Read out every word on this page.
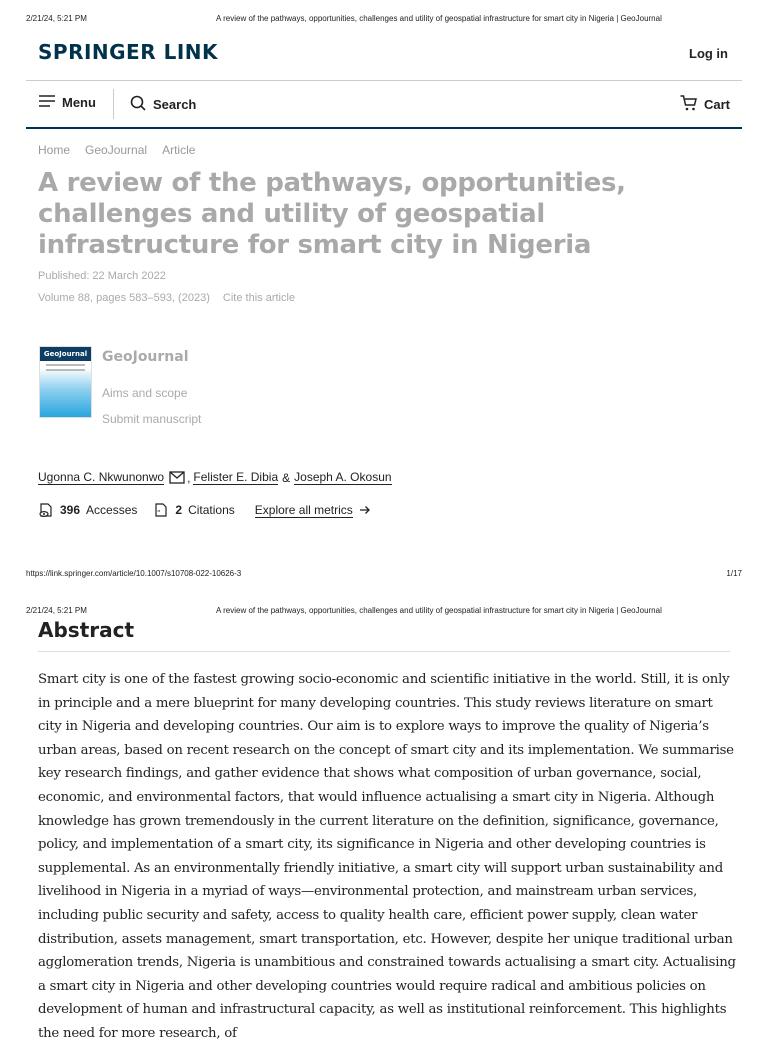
2/21/24, 5:21 PM	A review of the pathways, opportunities, challenges and utility of geospatial infrastructure for smart city in Nigeria | GeoJournal
SPRINGER LINK	Log in
Menu	Search	Cart
Home GeoJournal Article
A review of the pathways, opportunities, challenges and utility of geospatial infrastructure for smart city in Nigeria
Published: 22 March 2022
Volume 88, pages 583–593, (2023) Cite this article
GeoJournal GeoJournal
Aims and scope
Submit manuscript
Ugonna C. Nkwunonwo , Felister E. Dibia & Joseph A. Okosun
396 Accesses	“ 2 Citations Explore all metrics
https://link.springer.com/article/10.1007/s10708-022-10626-3	1/17
2/21/24, 5:21 PM	A review of the pathways, opportunities, challenges and utility of geospatial infrastructure for smart city in Nigeria | GeoJournal
Abstract

Smart city is one of the fastest growing socio-economic and scientific initiative in the world. Still, it is only in principle and a mere blueprint for many developing countries. This study reviews literature on smart city in Nigeria and developing countries. Our aim is to explore ways to improve the quality of Nigeria’s urban areas, based on recent research on the concept of smart city and its implementation. We summarise key research findings, and gather evidence that shows what composition of urban governance, social, economic, and environmental factors, that would influence actualising a smart city in Nigeria. Although knowledge has grown tremendously in the current literature on the definition, significance, governance, policy, and implementation of a smart city, its significance in Nigeria and other developing countries is supplemental. As an environmentally friendly initiative, a smart city will support urban sustainability and livelihood in Nigeria in a myriad of ways—environmental protection, and mainstream urban services, including public security and safety, access to quality health care, efficient power supply, clean water distribution, assets management, smart transportation, etc. However, despite her unique traditional urban agglomeration trends, Nigeria is unambitious and constrained towards actualising a smart city. Actualising a smart city in Nigeria and other developing countries would require radical and ambitious policies on development of human and infrastructural capacity, as well as institutional reinforcement. This highlights the need for more research, of
